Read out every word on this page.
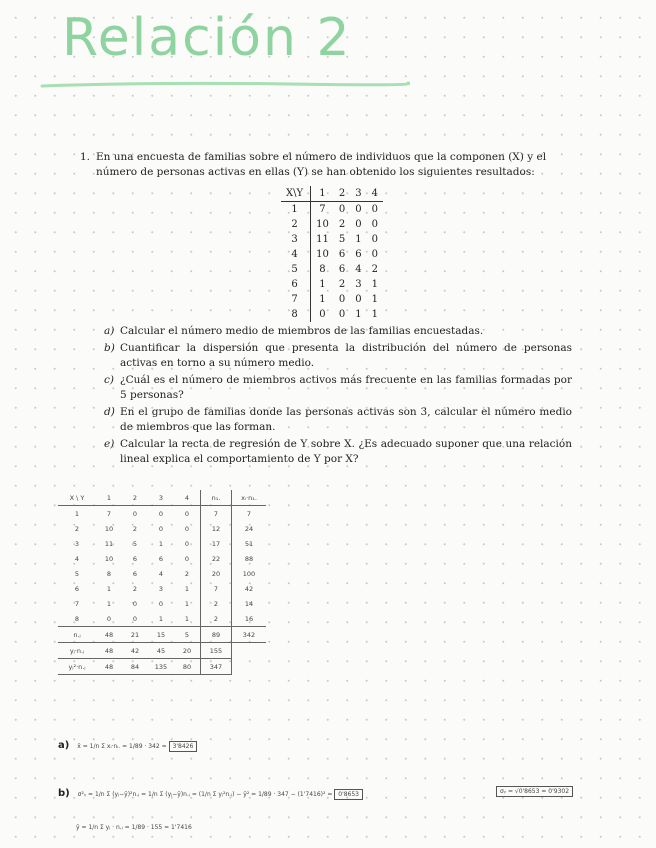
Relación 2
1. En una encuesta de familias sobre el número de individuos que la componen (X) y el número de personas activas en ellas (Y) se han obtenido los siguientes resultados:
X\Y	1	2	3	4
1	7	0	0	0
2	10	2	0	0
3	11	5	1	0
4	10	6	6	0
5	8	6	4	2
6	1	2	3	1
7	1	0	0	1
8	0	0	1	1
a) Calcular el número medio de miembros de las familias encuestadas.
b) Cuantificar la dispersión que presenta la distribución del número de personas activas en torno a su número medio.
c) ¿Cuál es el número de miembros activos más frecuente en las familias formadas por 5 personas?
d) En el grupo de familias donde las personas activas son 3, calcular el número medio de miembros que las forman.
e) Calcular la recta de regresión de Y sobre X. ¿Es adecuado suponer que una relación lineal explica el comportamiento de Y por X?
X \ Y	1	2	3	4	n₁.	xᵢ·n₁.
1	7	0	0	0	7	7
2	10	2	0	0	12	24
3	11	5	1	0	17	51
4	10	6	6	0	22	88
5	8	6	4	2	20	100
6	1	2	3	1	7	42
7	1	0	0	1	2	14
8	0	0	1	1	2	16
n.ⱼ	48	21	15	5	89	342
yⱼ·n.ⱼ	48	42	45	20	155	
yⱼ²·n.ⱼ	48	84	135	80	347	
a) x̄ = 1/n Σ xᵢ·nᵢ. = 1/89 · 342 = 3'8426
b) σ²ᵧ = 1/n Σ (yⱼ−ȳ)²n.ⱼ = 1/n Σ (yⱼ−ȳ)n.ⱼ = (1/n Σ yⱼ²n.ⱼ) − ȳ² = 1/89 · 347 − (1'7416)² = 0'8653	σᵧ = √0'8653 = 0'9302
ȳ = 1/n Σ yⱼ · n.ⱼ = 1/89 · 155 = 1'7416
